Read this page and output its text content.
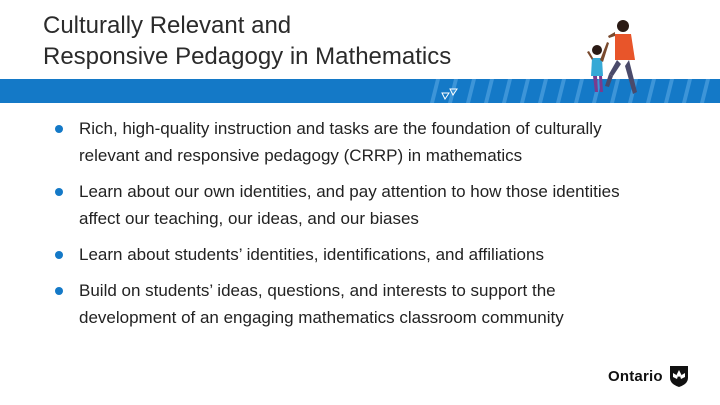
Culturally Relevant and
Responsive Pedagogy in Mathematics
Rich, high-quality instruction and tasks are the foundation of culturally
relevant and responsive pedagogy (CRRP) in mathematics
Learn about our own identities, and pay attention to how those identities
affect our teaching, our ideas, and our biases
Learn about students’ identities, identifications, and affiliations
Build on students’ ideas, questions, and interests to support the
development of an engaging mathematics classroom community
Ontario
